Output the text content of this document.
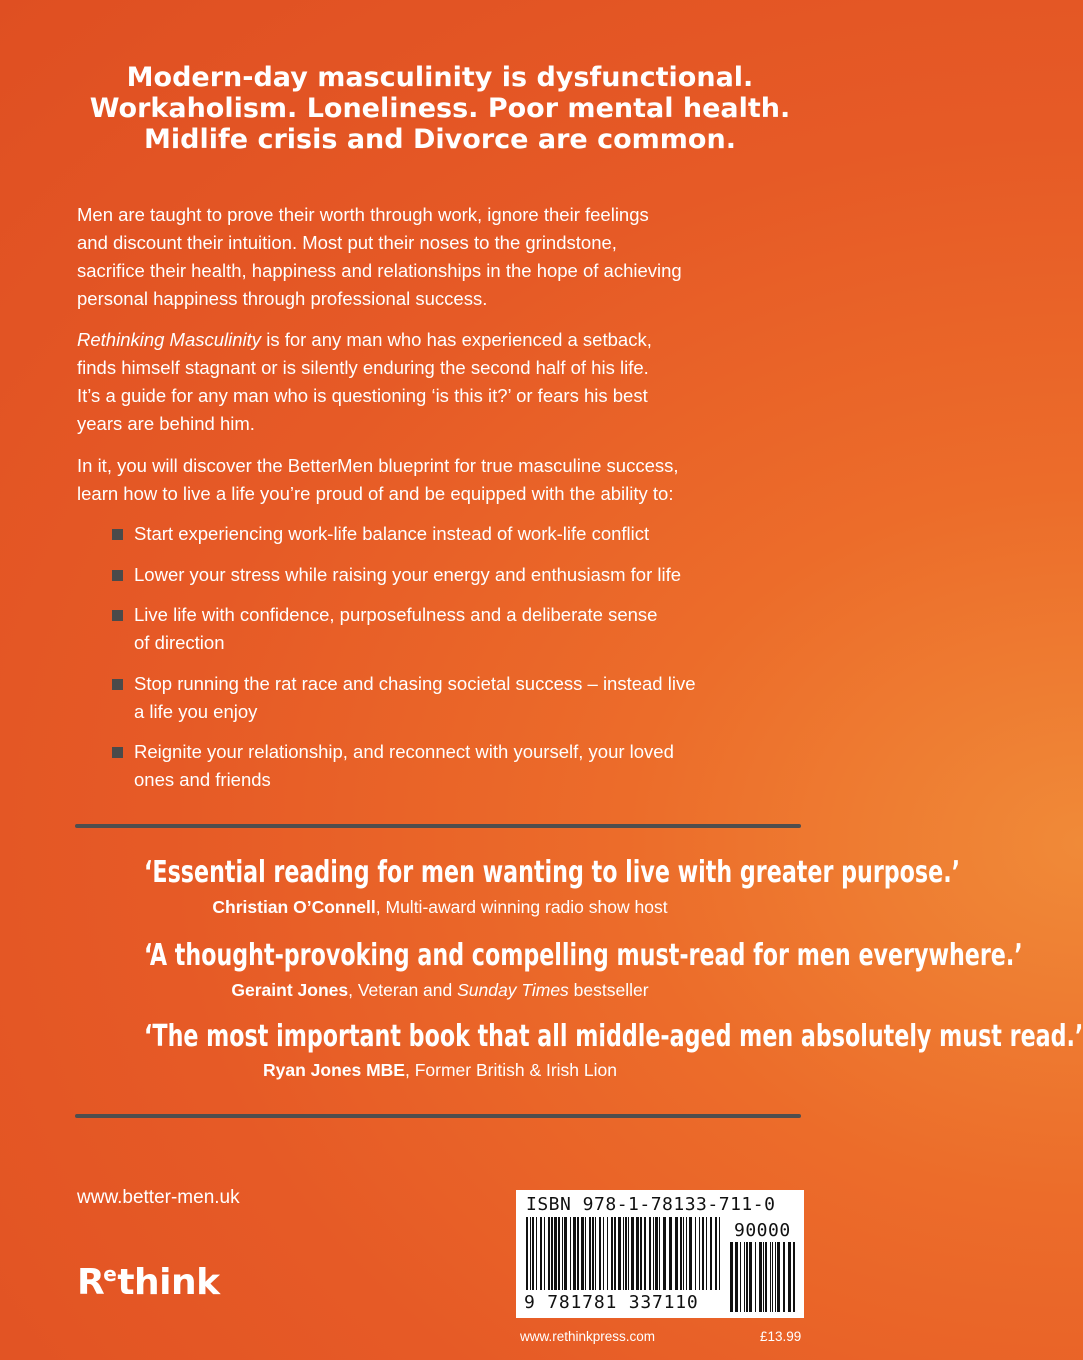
Modern-day masculinity is dysfunctional.
Workaholism. Loneliness. Poor mental health.
Midlife crisis and Divorce are common.
Men are taught to prove their worth through work, ignore their feelings
and discount their intuition. Most put their noses to the grindstone,
sacrifice their health, happiness and relationships in the hope of achieving
personal happiness through professional success.
Rethinking Masculinity is for any man who has experienced a setback,
finds himself stagnant or is silently enduring the second half of his life.
It’s a guide for any man who is questioning ‘is this it?’ or fears his best
years are behind him.
In it, you will discover the BetterMen blueprint for true masculine success,
learn how to live a life you’re proud of and be equipped with the ability to:
Start experiencing work-life balance instead of work-life conflict
Lower your stress while raising your energy and enthusiasm for life
Live life with confidence, purposefulness and a deliberate sense
of direction
Stop running the rat race and chasing societal success – instead live
a life you enjoy
Reignite your relationship, and reconnect with yourself, your loved
ones and friends
‘Essential reading for men wanting to live with greater purpose.’
Christian O’Connell, Multi-award winning radio show host
‘A thought-provoking and compelling must-read for men everywhere.’
Geraint Jones, Veteran and Sunday Times bestseller
‘The most important book that all middle-aged men absolutely must read.’
Ryan Jones MBE, Former British & Irish Lion
www.better-men.uk
$R^ethink$
ISBN 978-1-78133-711-0
90000
9 781781 337110
www.rethinkpress.com	£13.99
